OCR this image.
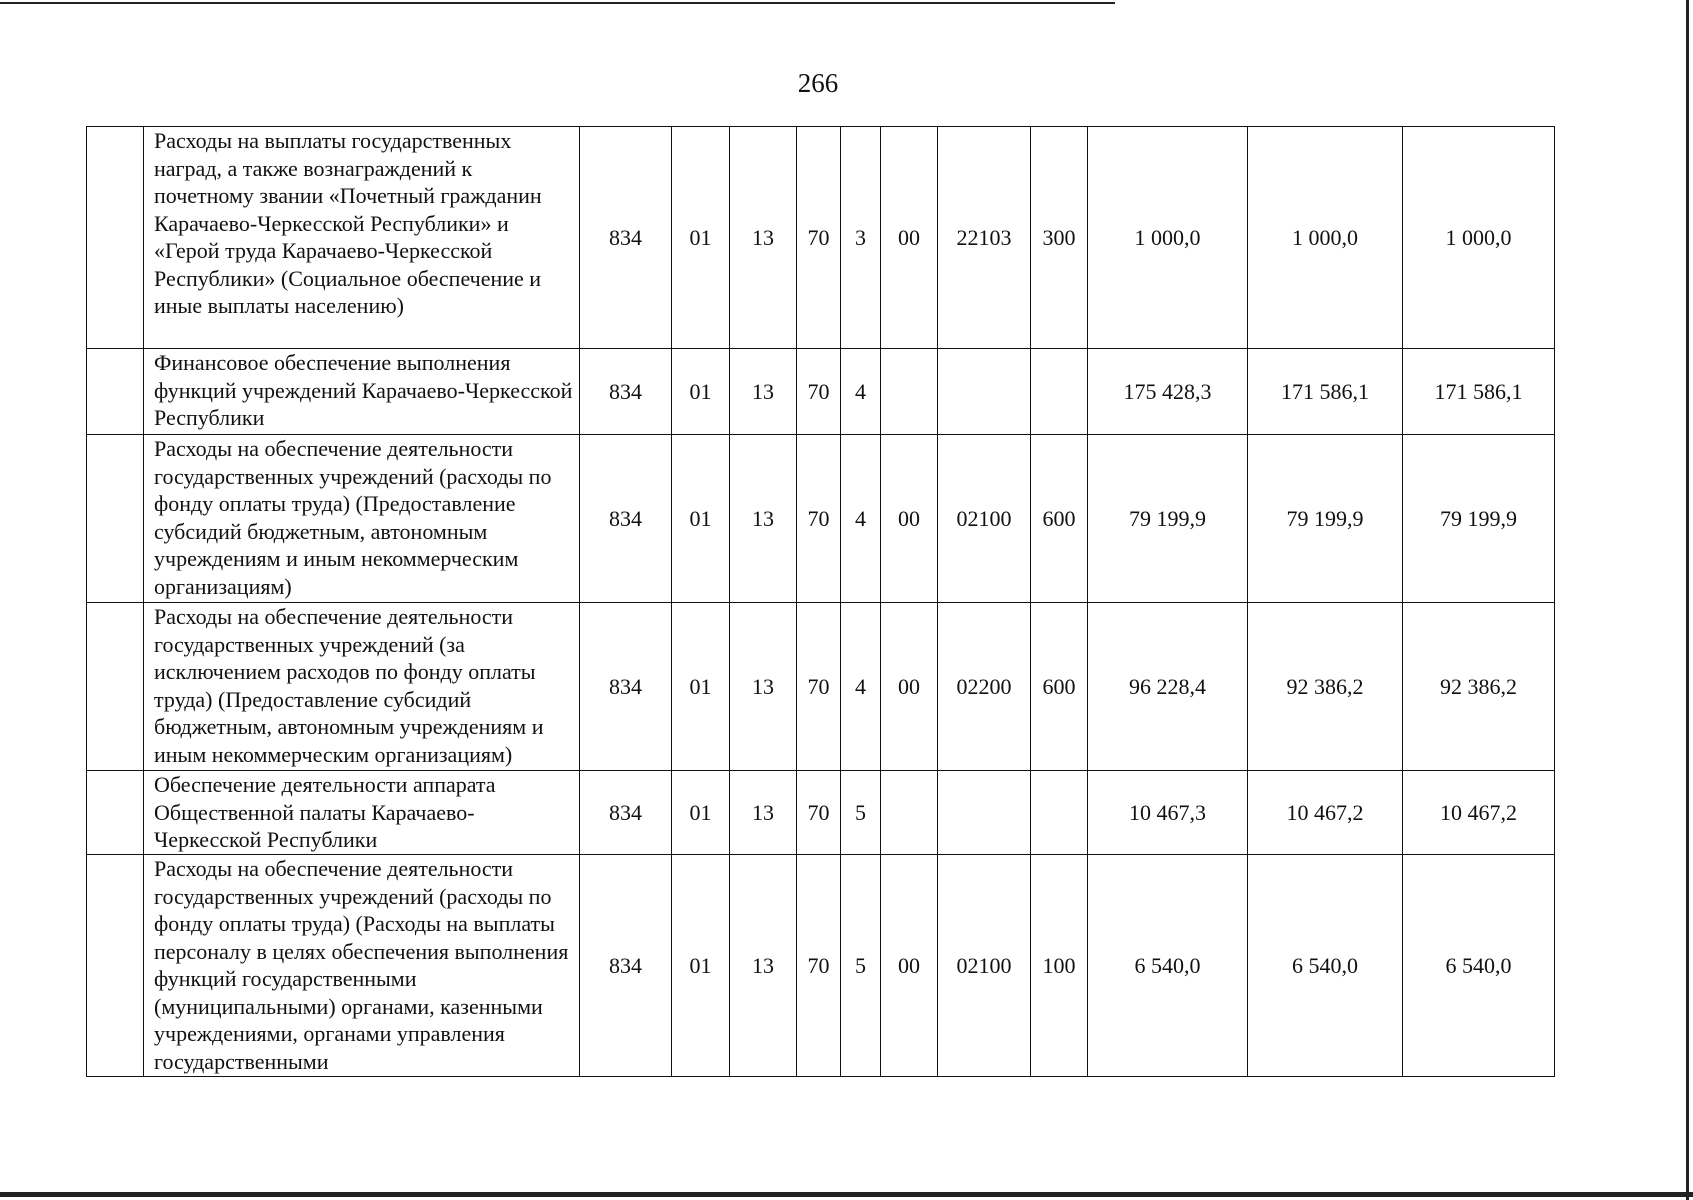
266
	Расходы на выплаты государственных наград, а также вознаграждений к почетному звании «Почетный гражданин Карачаево-Черкесской Республики» и «Герой труда Карачаево-Черкесской Республики» (Социальное обеспечение и иные выплаты населению)	834	01	13	70	3	00	22103	300	1 000,0	1 000,0	1 000,0
	Финансовое обеспечение выполнения функций учреждений Карачаево-Черкесской Республики	834	01	13	70	4				175 428,3	171 586,1	171 586,1
	Расходы на обеспечение деятельности государственных учреждений (расходы по фонду оплаты труда) (Предоставление субсидий бюджетным, автономным учреждениям и иным некоммерческим организациям)	834	01	13	70	4	00	02100	600	79 199,9	79 199,9	79 199,9
	Расходы на обеспечение деятельности государственных учреждений (за исключением расходов по фонду оплаты труда) (Предоставление субсидий бюджетным, автономным учреждениям и иным некоммерческим организациям)	834	01	13	70	4	00	02200	600	96 228,4	92 386,2	92 386,2
	Обеспечение деятельности аппарата Общественной палаты Карачаево-Черкесской Республики	834	01	13	70	5				10 467,3	10 467,2	10 467,2
	Расходы на обеспечение деятельности государственных учреждений (расходы по фонду оплаты труда) (Расходы на выплаты персоналу в целях обеспечения выполнения функций государственными (муниципальными) органами, казенными учреждениями, органами управления государственными	834	01	13	70	5	00	02100	100	6 540,0	6 540,0	6 540,0
